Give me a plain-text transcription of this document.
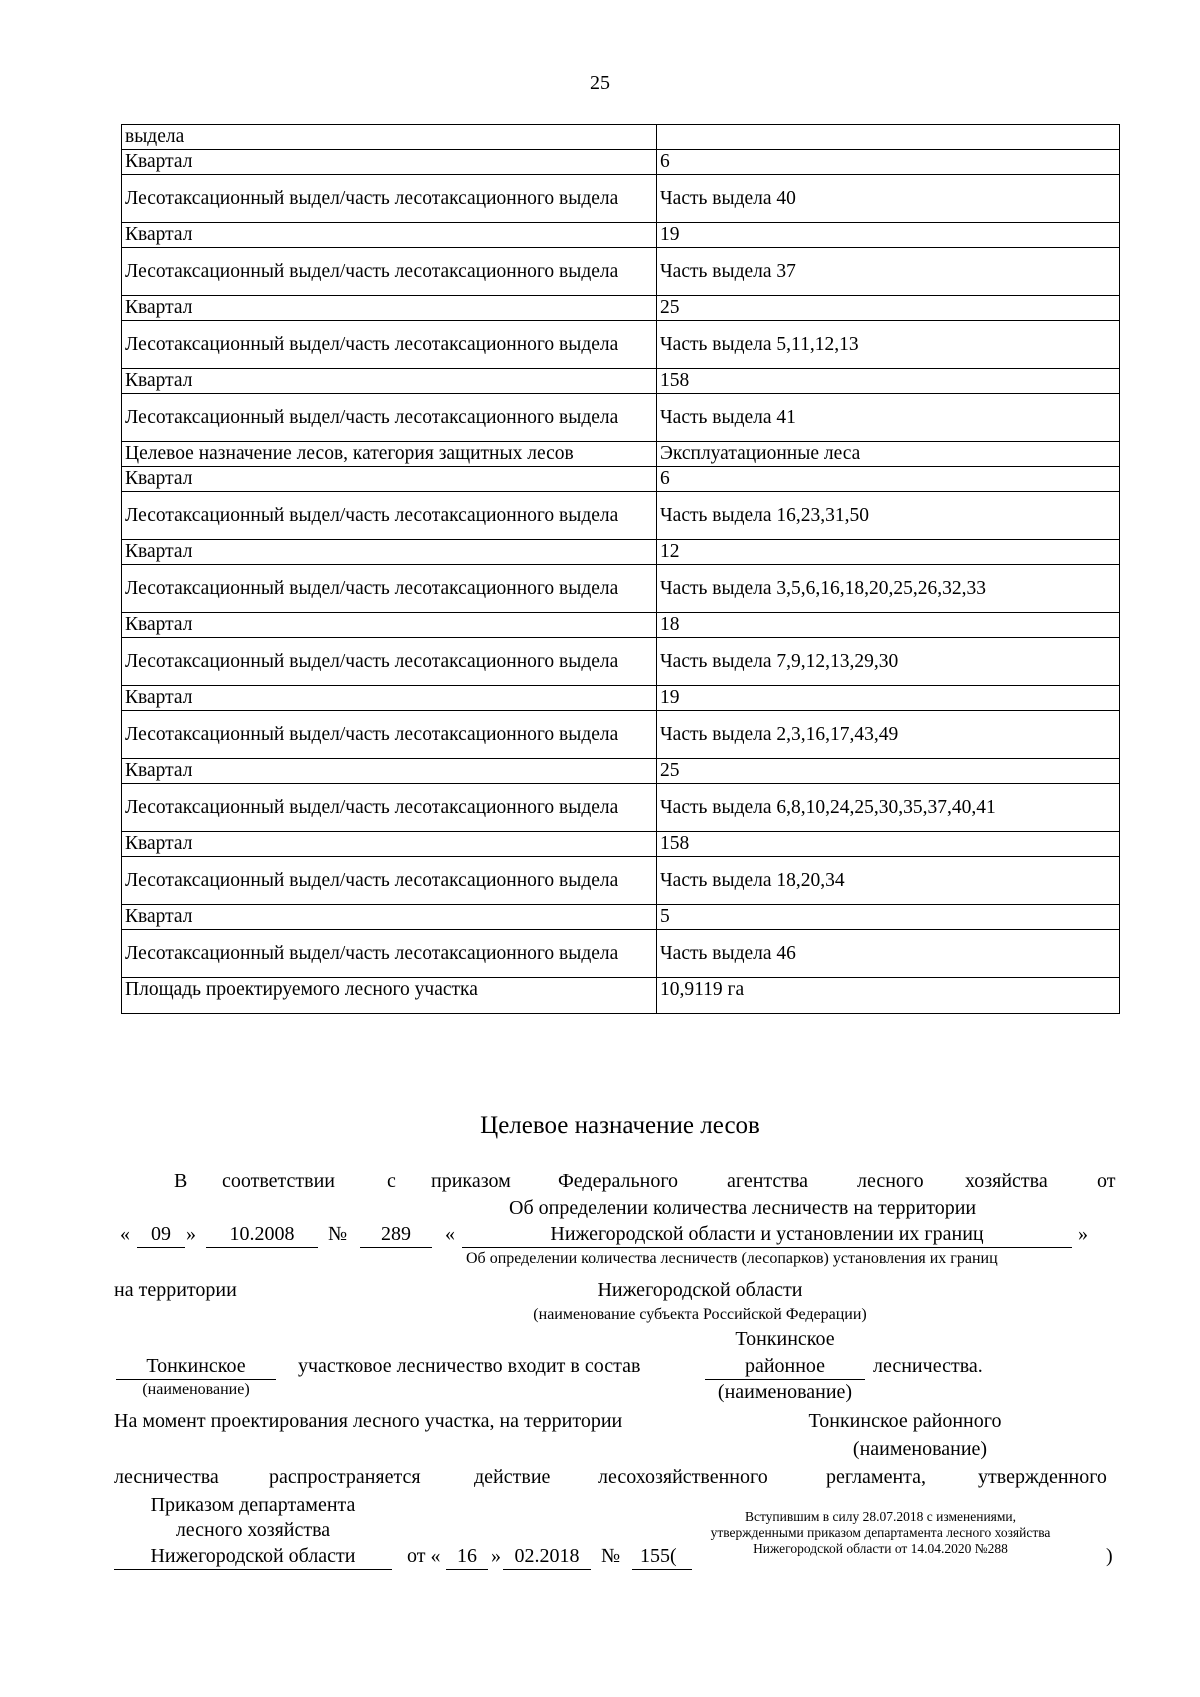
25
выдела	
Квартал	6
Лесотаксационный выдел/часть лесотаксационного выдела	Часть выдела 40
Квартал	19
Лесотаксационный выдел/часть лесотаксационного выдела	Часть выдела 37
Квартал	25
Лесотаксационный выдел/часть лесотаксационного выдела	Часть выдела 5,11,12,13
Квартал	158
Лесотаксационный выдел/часть лесотаксационного выдела	Часть выдела 41
Целевое назначение лесов, категория защитных лесов	Эксплуатационные леса
Квартал	6
Лесотаксационный выдел/часть лесотаксационного выдела	Часть выдела 16,23,31,50
Квартал	12
Лесотаксационный выдел/часть лесотаксационного выдела	Часть выдела 3,5,6,16,18,20,25,26,32,33
Квартал	18
Лесотаксационный выдел/часть лесотаксационного выдела	Часть выдела 7,9,12,13,29,30
Квартал	19
Лесотаксационный выдел/часть лесотаксационного выдела	Часть выдела 2,3,16,17,43,49
Квартал	25
Лесотаксационный выдел/часть лесотаксационного выдела	Часть выдела 6,8,10,24,25,30,35,37,40,41
Квартал	158
Лесотаксационный выдел/часть лесотаксационного выдела	Часть выдела 18,20,34
Квартал	5
Лесотаксационный выдел/часть лесотаксационного выдела	Часть выдела 46
Площадь проектируемого лесного участка	10,9119 га
Целевое назначение лесов
В соответствии	с приказом Федерального агентства лесного хозяйства от
Об определении количества лесничеств на территории
«	09 »	10.2008	№	289	«	Нижегородской области и установлении их границ	»
Об определении количества лесничеств (лесопарков) установления их границ
на территории	Нижегородской области
(наименование субъекта Российской Федерации)
Тонкинское
Тонкинское	участковое лесничество входит в состав	районное	лесничества.
(наименование)	(наименование)
На момент проектирования лесного участка, на территории	Тонкинское районного
(наименование)
лесничества	распространяется	действие лесохозяйственного	регламента,	утвержденного
Приказом департамента
лесного хозяйства
Нижегородской области	от « 16 » 02.2018	№ 155(
Вступившим в силу 28.07.2018 с изменениями, утвержденными приказом департамента лесного хозяйства Нижегородской области от 14.04.2020 №288	)
